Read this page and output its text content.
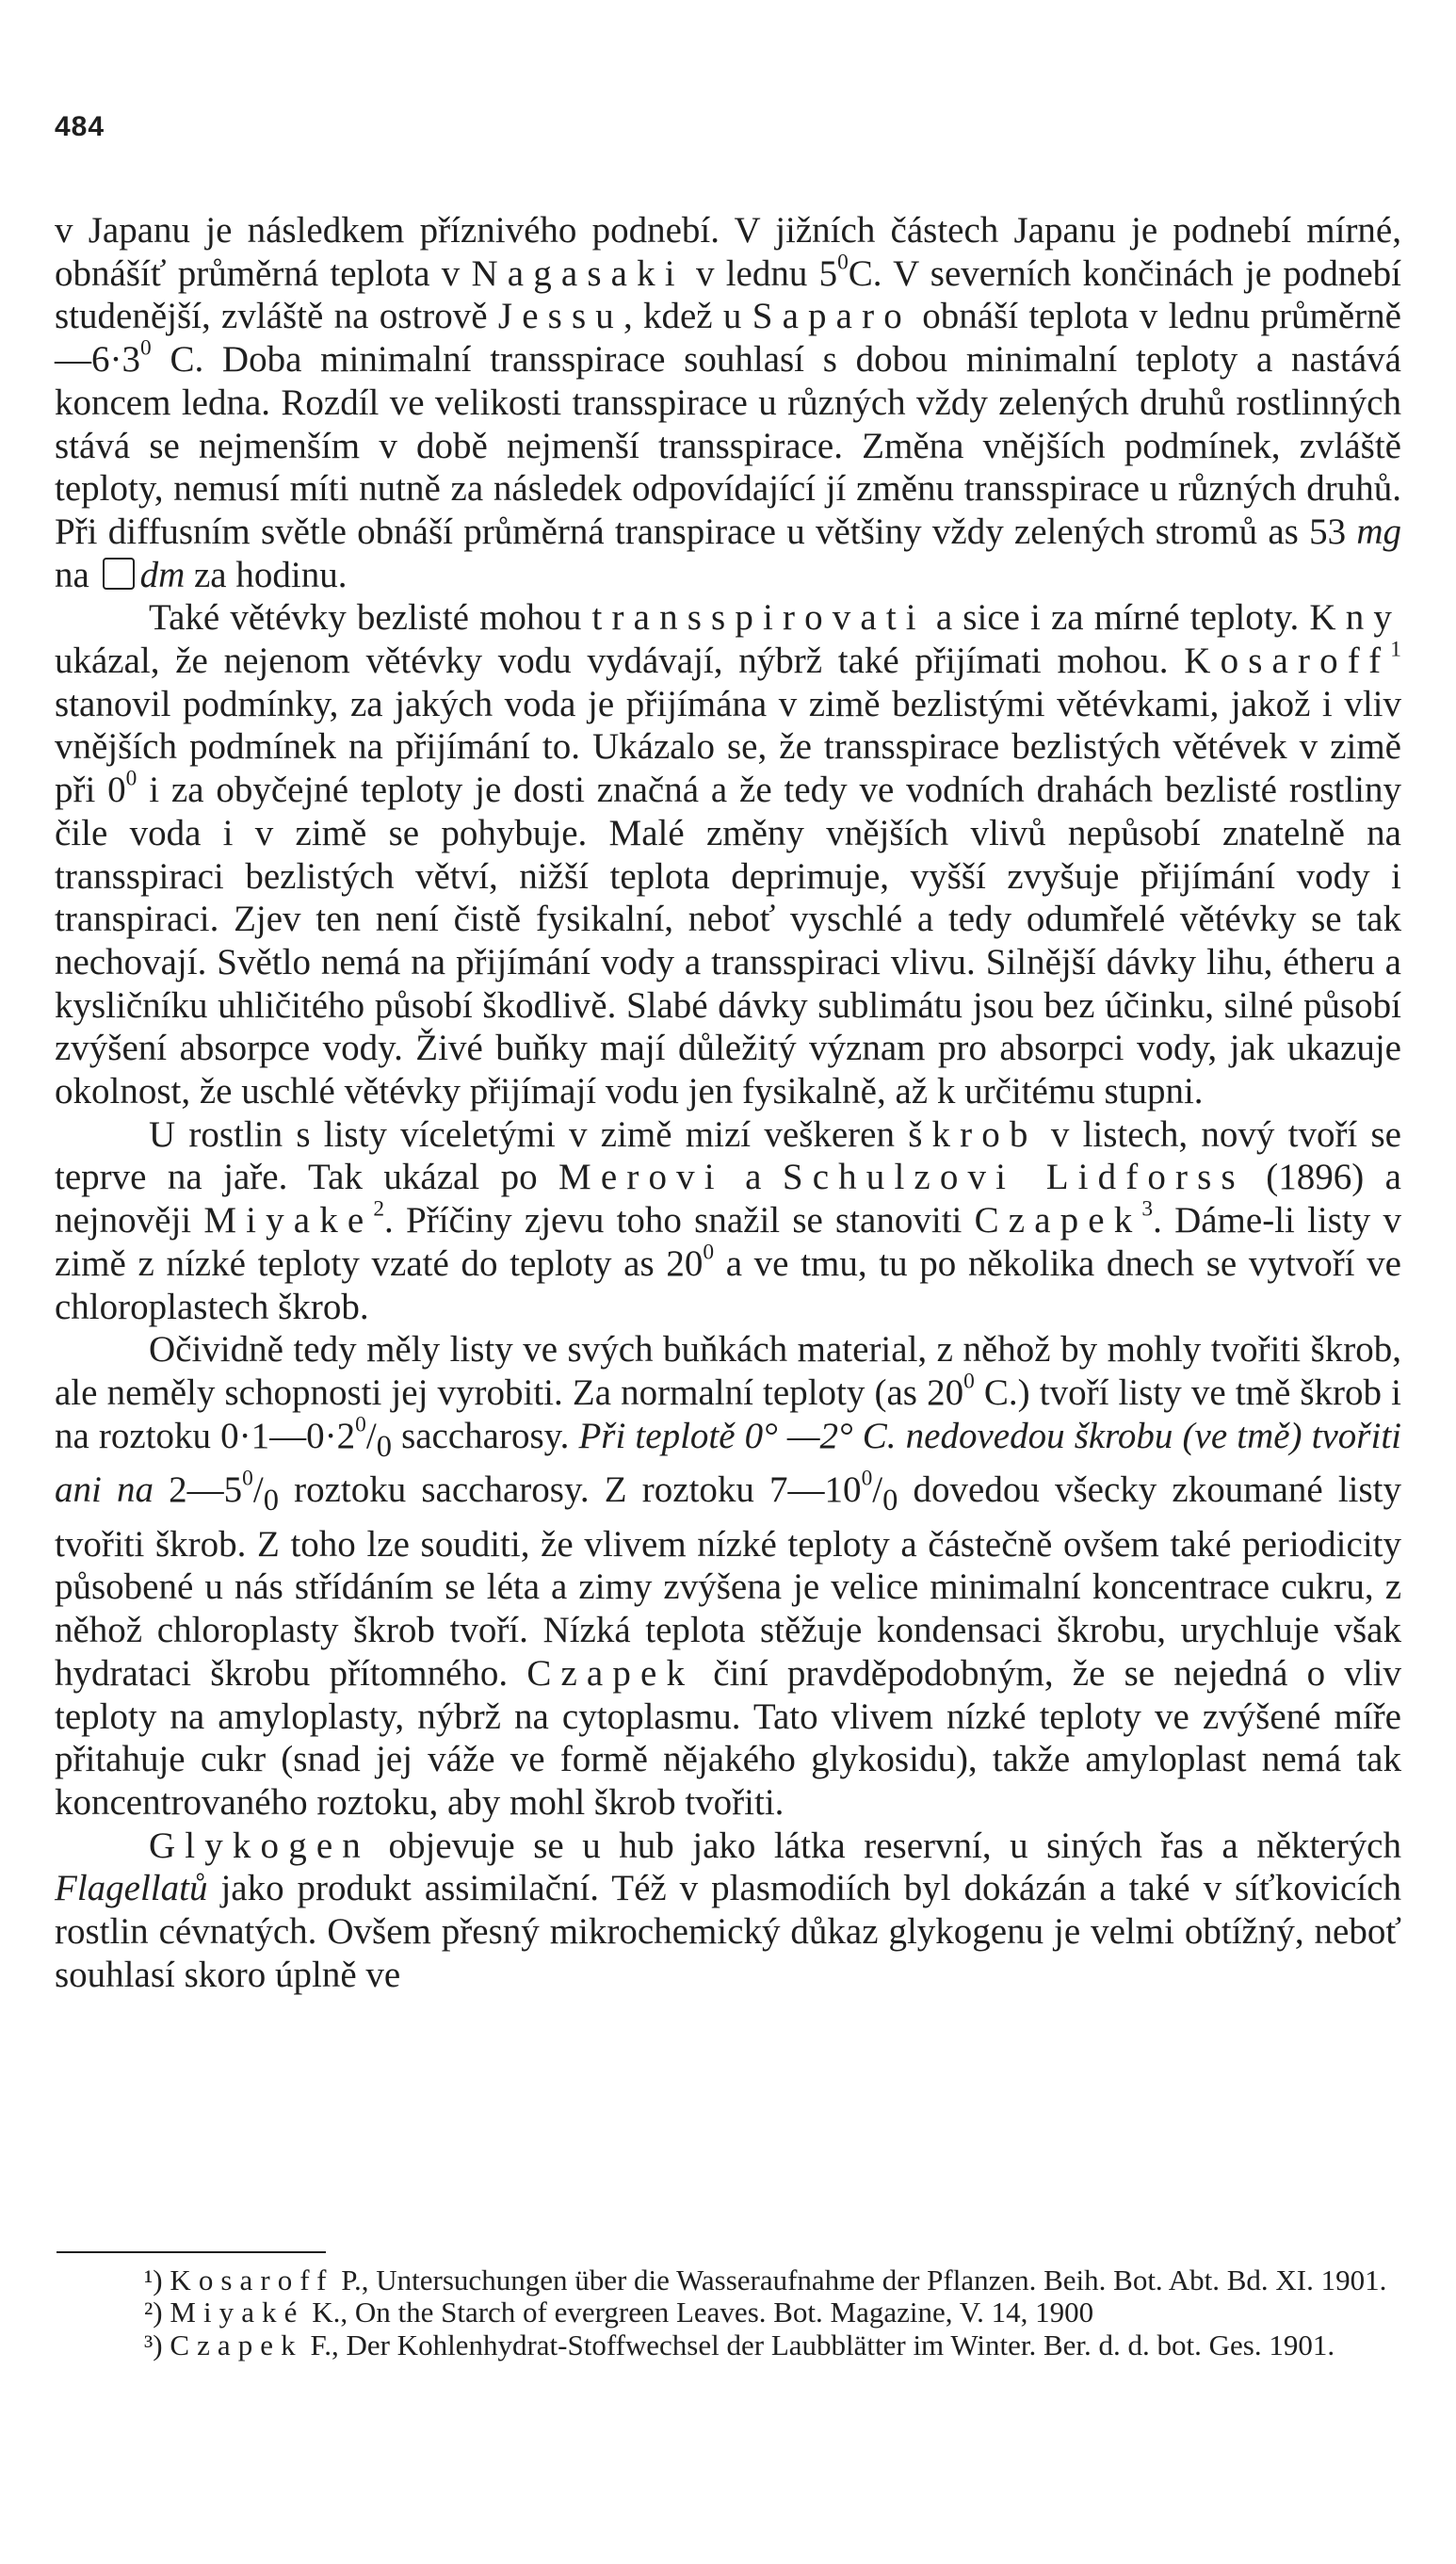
484

v Japanu je následkem příznivého podnebí. V jižních částech Japanu je podnebí mírné, obnášíť průměrná teplota v Nagasaki v lednu $5^0C$. V severních končinách je podnebí studenější, zvláště na ostrově Jessu, kdež u Saparo obnáší teplota v lednu průměrně $—6\cdot 3^0$ C. Doba minimalní transspirace souhlasí s dobou minimalní teploty a nastává koncem ledna. Rozdíl ve velikosti transspirace u různých vždy zelených druhů rostlinných stává se nejmenším v době nejmenší transspirace. Změna vnějších podmínek, zvláště teploty, nemusí míti nutně za následek odpovídající jí změnu transspirace u různých druhů. Při diffusním světle obnáší průměrná transpirace u většiny vždy zelených stromů as 53 mg na dm za hodinu.

Také větévky bezlisté mohou transspirovati a sice i za mírné teploty. Kny ukázal, že nejenom větévky vodu vydávají, nýbrž také přijímati mohou. Kosaroff$^1$ stanovil podmínky, za jakých voda je přijímána v zimě bezlistými větévkami, jakož i vliv vnějších podmínek na přijímání to. Ukázalo se, že transspirace bezlistých větévek v zimě při $0^0$ i za obyčejné teploty je dosti značná a že tedy ve vodních drahách bezlisté rostliny čile voda i v zimě se pohybuje. Malé změny vnějších vlivů nepůsobí znatelně na transspiraci bezlistých větví, nižší teplota deprimuje, vyšší zvyšuje přijímání vody i transpiraci. Zjev ten není čistě fysikalní, neboť vyschlé a tedy odumřelé větévky se tak nechovají. Světlo nemá na přijímání vody a transspiraci vlivu. Silnější dávky lihu, étheru a kysličníku uhličitého působí škodlivě. Slabé dávky sublimátu jsou bez účinku, silné působí zvýšení absorpce vody. Živé buňky mají důležitý význam pro absorpci vody, jak ukazuje okolnost, že uschlé větévky přijímají vodu jen fysikalně, až k určitému stupni.

U rostlin s listy víceletými v zimě mizí veškeren škrob v listech, nový tvoří se teprve na jaře. Tak ukázal po Merovi a Schulzovi Lidforss (1896) a nejnověji Miyake$^2$. Příčiny zjevu toho snažil se stanoviti Czapek$^3$. Dáme-li listy v zimě z nízké teploty vzaté do teploty as $20^0$ a ve tmu, tu po několika dnech se vytvoří ve chloroplastech škrob.

Očividně tedy měly listy ve svých buňkách material, z něhož by mohly tvořiti škrob, ale neměly schopnosti jej vyrobiti. Za normalní teploty (as $20^0$ C.) tvoří listy ve tmě škrob i na roztoku $0\cdot 1—0\cdot 2^0/_0$ saccharosy. Při teplotě 0° —2° C. nedovedou škrobu (ve tmě) tvořiti ani na $2—5^0/_0$ roztoku saccharosy. Z roztoku $7—10^0/_0$ dovedou všecky zkoumané listy tvořiti škrob. Z toho lze souditi, že vlivem nízké teploty a částečně ovšem také periodicity působené u nás střídáním se léta a zimy zvýšena je velice minimalní koncentrace cukru, z něhož chloroplasty škrob tvoří. Nízká teplota stěžuje kondensaci škrobu, urychluje však hydrataci škrobu přítomného. Czapek činí pravděpodobným, že se nejedná o vliv teploty na amyloplasty, nýbrž na cytoplasmu. Tato vlivem nízké teploty ve zvýšené míře přitahuje cukr (snad jej váže ve formě nějakého glykosidu), takže amyloplast nemá tak koncentrovaného roztoku, aby mohl škrob tvořiti.

Glykogen objevuje se u hub jako látka reservní, u siných řas a některých Flagellatů jako produkt assimilační. Též v plasmodiích byl dokázán a také v síťkovicích rostlin cévnatých. Ovšem přesný mikrochemický důkaz glykogenu je velmi obtížný, neboť souhlasí skoro úplně ve

¹) Kosaroff P., Untersuchungen über die Wasseraufnahme der Pflanzen. Beih. Bot. Abt. Bd. XI. 1901.

²) Miyaké K., On the Starch of evergreen Leaves. Bot. Magazine, V. 14, 1900

³) Czapek F., Der Kohlenhydrat-Stoffwechsel der Laubblätter im Winter. Ber. d. d. bot. Ges. 1901.
